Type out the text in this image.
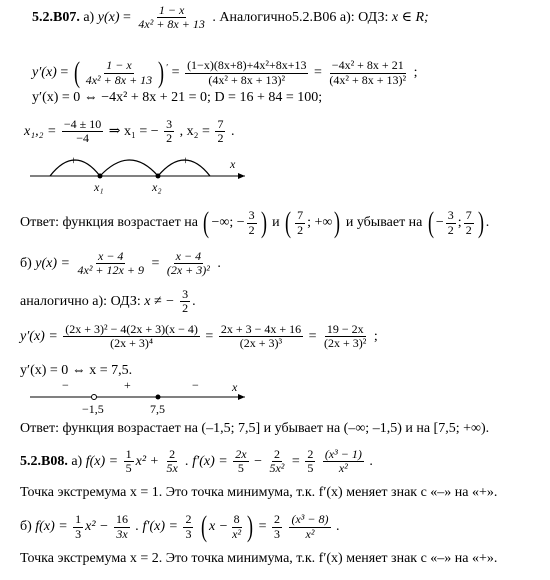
5.2.В07. а) $y(x) = \frac{1 - x}{\text{4x² + 8x + 13}}$ . Аналогично5.2.В06 а): ОДЗ: x ∈ R;
y′(x) = ( 1 − x
4x² + 8x + 13 ) $' = \frac{\text{(1−x)(8x+8)+4x²+8x+13}}{\text{(4x² + 8x + 13)²}} = \frac{\text{−4x² + 8x + 21}}{\text{(4x² + 8x + 13)²}}$ ;
y′(x) = 0 ⇔ −4x² + 8x + 21 = 0; D = 16 + 84 = 100;
$x_1,_2 = \frac{-4 \pm 10}{-4}$ ⇒ x₁ = − $\frac{3}{2}$ , $x_2 = \frac{7}{2}$ .
+	−	+
x₁	x₂
x
Ответ: функция возрастает на ( −∞; − $\frac{3}{2}$ ) и ( 7
2 ; +∞ ) и убывает на ( − $\frac{3}{2}$ ; 7
2 ) .
б) $y(x) = \frac{x - 4}{\text{4x² + 12x + 9}} = \frac{x - 4}{\text{(2x + 3)²}}$ .
аналогично а): ОДЗ: x ≠ − $\frac{3}{2}$ .
$y'(x) = \frac{\text{(2x + 3)² − 4(2x + 3)(x − 4)}}{\text{(2x + 3)⁴}} = \frac{2x + 3 - 4x + 16}{\text{(2x + 3)³}} = \frac{19 - 2x}{\text{(2x + 3)²}}$ ;
y′(x) = 0 ⇔ x = 7,5.
−	+	−
−1,5	7,5
x
Ответ: функция возрастает на (–1,5; 7,5] и убывает на (–∞; –1,5) и на [7,5; +∞).
5.2.В08. а) $f(x) = \frac{1}{5} x^2 + \frac{2}{5x}$ . $f'(x) = \frac{2x}{5} - \frac{2}{\text{5x²}} = \frac{2}{5}$
$\frac{\text{(x³ − 1)}}{\text{x²}}$ .
Точка экстремума x = 1. Это точка минимума, т.к. f′(x) меняет знак с «–» на «+».
б) $f(x) = \frac{1}{3} x^2 - \frac{16}{3x}$ . $f'(x) = \frac{2}{3}$
( $x - \frac{8}{\text{x²}}$ ) = $\frac{2}{3}$
$\frac{\text{(x³ − 8)}}{\text{x²}}$ .
Точка экстремума x = 2. Это точка минимума, т.к. f′(x) меняет знак с «–» на «+».
